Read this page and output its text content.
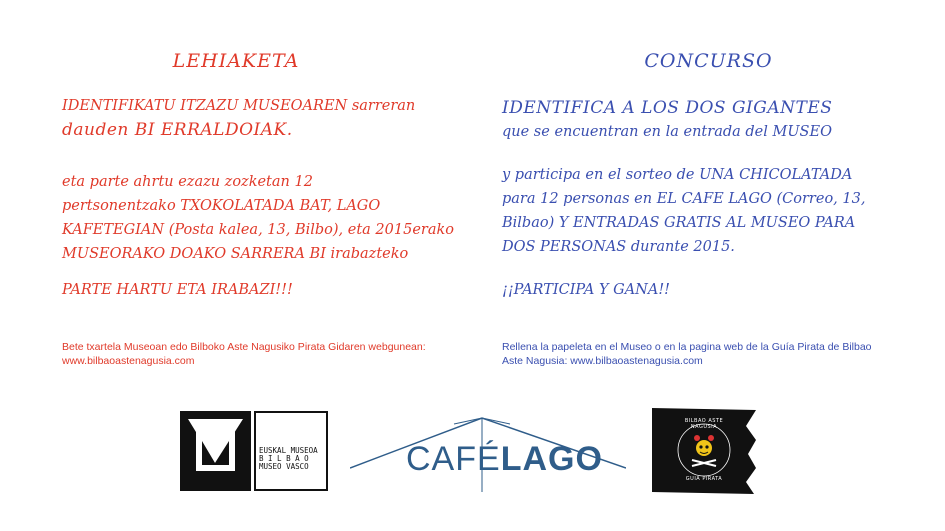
LEHIAKETA
IDENTIFIKATU ITZAZU MUSEOAREN sarreran
dauden BI ERRALDOIAK.
eta parte ahrtu ezazu zozketan 12
pertsonentzako TXOKOLATADA BAT, LAGO
KAFETEGIAN (Posta kalea, 13, Bilbo), eta 2015erako
MUSEORAKO DOAKO SARRERA BI irabazteko
PARTE HARTU ETA IRABAZI!!!
Bete txartela Museoan edo Bilboko Aste Nagusiko Pirata Gidaren webgunean:
www.bilbaoastenagusia.com
CONCURSO
IDENTIFICA A LOS DOS GIGANTES
que se encuentran en la entrada del MUSEO
y participa en el sorteo de UNA CHICOLATADA
para 12 personas en EL CAFE LAGO (Correo, 13,
Bilbao) Y ENTRADAS GRATIS AL MUSEO PARA
DOS PERSONAS durante 2015.
¡¡PARTICIPA Y GANA!!
Rellena la papeleta en el Museo o en la pagina web de la Guía Pirata de Bilbao
Aste Nagusia: www.bilbaoastenagusia.com
EUSKAL MUSEOA
B I L B A O
MUSEO VASCO	CAFÉLAGO
BILBAO ASTE NAGUSIA
GUIA PIRATA
